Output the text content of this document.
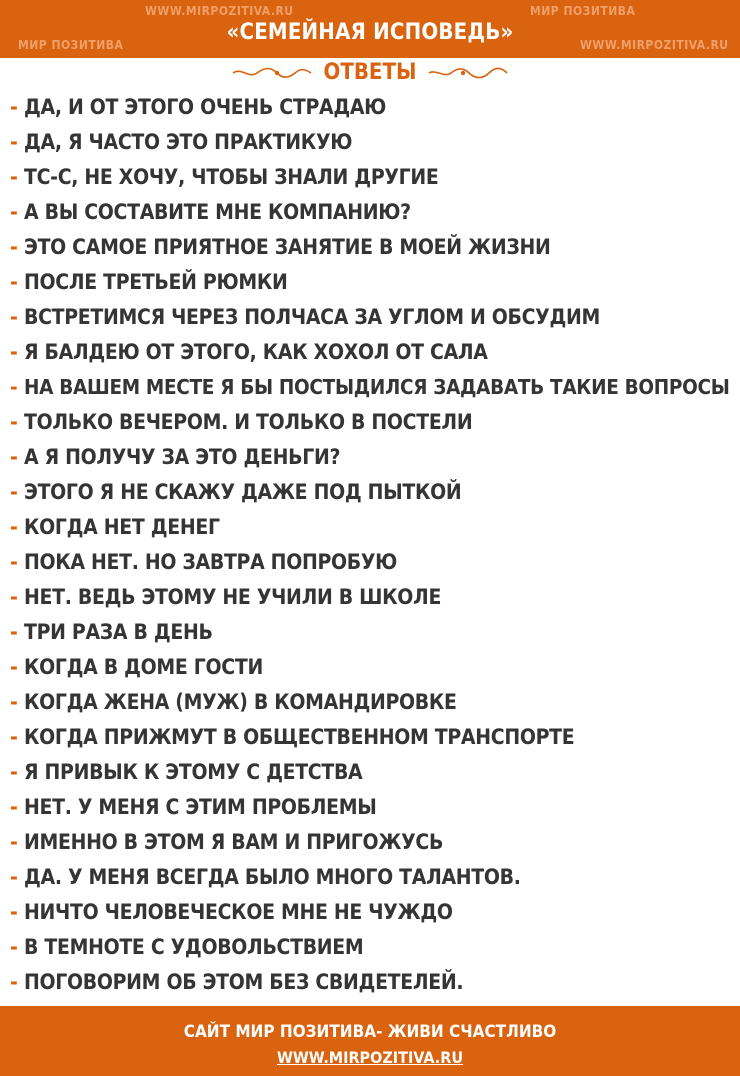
WWW.MIRPOZITIVA.RU	МИР ПОЗИТИВА
МИР ПОЗИТИВА	WWW.MIRPOZITIVA.RU
«СЕМЕЙНАЯ ИСПОВЕДЬ»
ОТВЕТЫ
- ДА, И ОТ ЭТОГО ОЧЕНЬ СТРАДАЮ
- ДА, Я ЧАСТО ЭТО ПРАКТИКУЮ
- ТС-С, НЕ ХОЧУ, ЧТОБЫ ЗНАЛИ ДРУГИЕ
- А ВЫ СОСТАВИТЕ МНЕ КОМПАНИЮ?
- ЭТО САМОЕ ПРИЯТНОЕ ЗАНЯТИЕ В МОЕЙ ЖИЗНИ
- ПОСЛЕ ТРЕТЬЕЙ РЮМКИ
- ВСТРЕТИМСЯ ЧЕРЕЗ ПОЛЧАСА ЗА УГЛОМ И ОБСУДИМ
- Я БАЛДЕЮ ОТ ЭТОГО, КАК ХОХОЛ ОТ САЛА
- НА ВАШЕМ МЕСТЕ Я БЫ ПОСТЫДИЛСЯ ЗАДАВАТЬ ТАКИЕ ВОПРОСЫ
- ТОЛЬКО ВЕЧЕРОМ. И ТОЛЬКО В ПОСТЕЛИ
- А Я ПОЛУЧУ ЗА ЭТО ДЕНЬГИ?
- ЭТОГО Я НЕ СКАЖУ ДАЖЕ ПОД ПЫТКОЙ
- КОГДА НЕТ ДЕНЕГ
- ПОКА НЕТ. НО ЗАВТРА ПОПРОБУЮ
- НЕТ. ВЕДЬ ЭТОМУ НЕ УЧИЛИ В ШКОЛЕ
- ТРИ РАЗА В ДЕНЬ
- КОГДА В ДОМЕ ГОСТИ
- КОГДА ЖЕНА (МУЖ) В КОМАНДИРОВКЕ
- КОГДА ПРИЖМУТ В ОБЩЕСТВЕННОМ ТРАНСПОРТЕ
- Я ПРИВЫК К ЭТОМУ С ДЕТСТВА
- НЕТ. У МЕНЯ С ЭТИМ ПРОБЛЕМЫ
- ИМЕННО В ЭТОМ Я ВАМ И ПРИГОЖУСЬ
- ДА. У МЕНЯ ВСЕГДА БЫЛО МНОГО ТАЛАНТОВ.
- НИЧТО ЧЕЛОВЕЧЕСКОЕ МНЕ НЕ ЧУЖДО
- В ТЕМНОТЕ С УДОВОЛЬСТВИЕМ
- ПОГОВОРИМ ОБ ЭТОМ БЕЗ СВИДЕТЕЛЕЙ.
САЙТ МИР ПОЗИТИВА- ЖИВИ СЧАСТЛИВО
WWW.MIRPOZITIVA.RU
